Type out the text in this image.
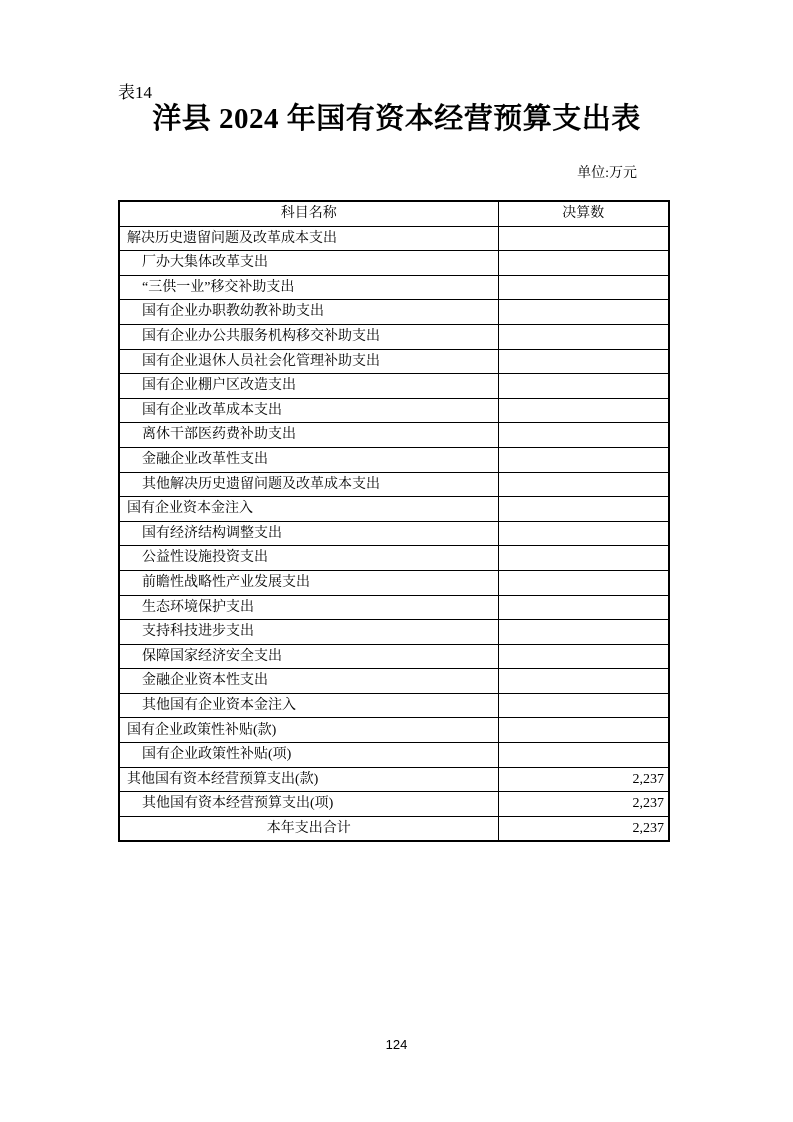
表14
洋县 2024 年国有资本经营预算支出表
单位:万元
科目名称	决算数
解决历史遗留问题及改革成本支出	
厂办大集体改革支出	
“三供一业”移交补助支出	
国有企业办职教幼教补助支出	
国有企业办公共服务机构移交补助支出	
国有企业退休人员社会化管理补助支出	
国有企业棚户区改造支出	
国有企业改革成本支出	
离休干部医药费补助支出	
金融企业改革性支出	
其他解决历史遗留问题及改革成本支出	
国有企业资本金注入	
国有经济结构调整支出	
公益性设施投资支出	
前瞻性战略性产业发展支出	
生态环境保护支出	
支持科技进步支出	
保障国家经济安全支出	
金融企业资本性支出	
其他国有企业资本金注入	
国有企业政策性补贴(款)	
国有企业政策性补贴(项)	
其他国有资本经营预算支出(款)	2,237
其他国有资本经营预算支出(项)	2,237
本年支出合计	2,237
124
